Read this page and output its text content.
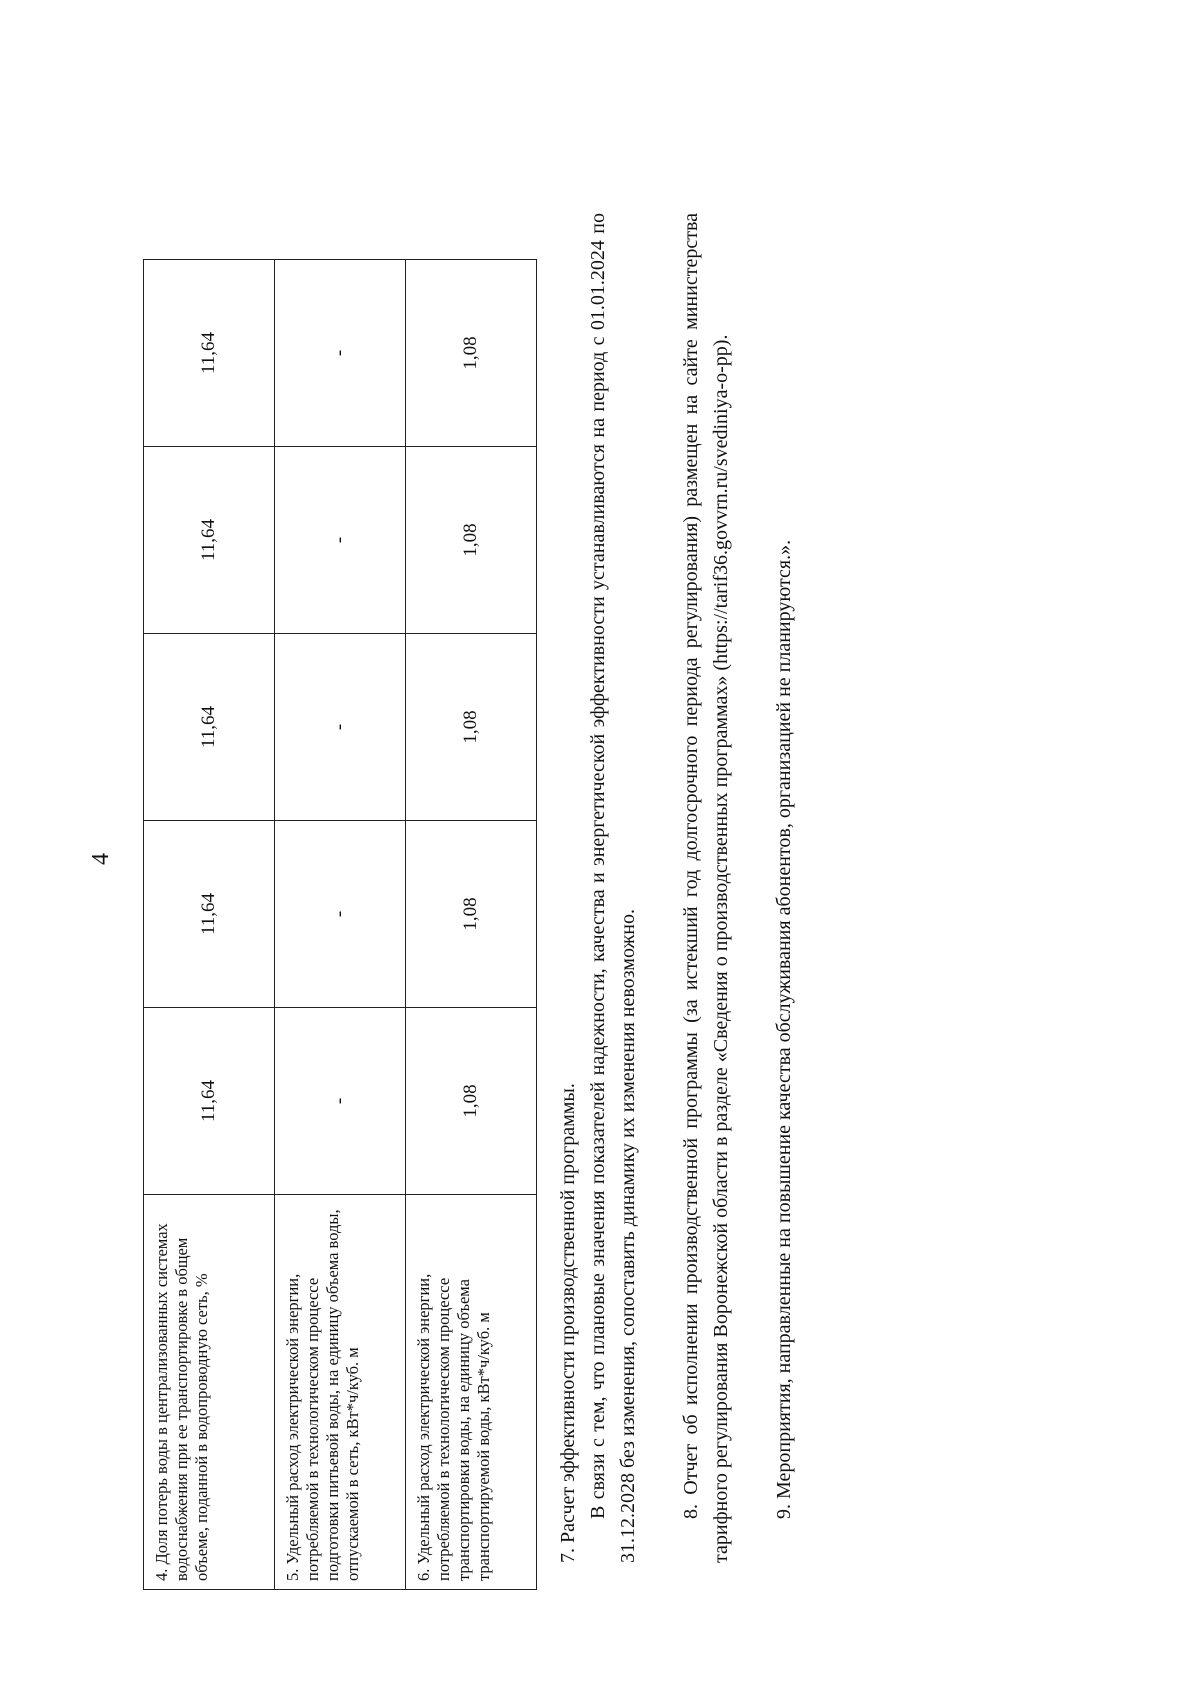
4
4. Доля потерь воды в централизованных системах водоснабжения при ее транспортировке в общем объеме, поданной в водопроводную сеть, %	11,64	11,64	11,64	11,64	11,64
5. Удельный расход электрической энергии, потребляемой в технологическом процессе подготовки питьевой воды, на единицу объема воды, отпускаемой в сеть, кВт*ч/куб. м	-	-	-	-	-
6. Удельный расход электрической энергии, потребляемой в технологическом процессе транспортировки воды, на единицу объема транспортируемой воды, кВт*ч/куб. м	1,08	1,08	1,08	1,08	1,08

7. Расчет эффективности производственной программы. В связи с тем, что плановые значения показателей надежности, качества и энергетической эффективности устанавливаются на период с 01.01.2024 по 31.12.2028 без изменения, сопоставить динамику их изменения невозможно. 8. Отчет об исполнении производственной программы (за истекший год долгосрочного периода регулирования) размещен на сайте министерства тарифного регулирования Воронежской области в разделе «Сведения о производственных программах» (https://tarif36.govvrn.ru/svediniya-o-pp). 9. Мероприятия, направленные на повышение качества обслуживания абонентов, организацией не планируются.».
